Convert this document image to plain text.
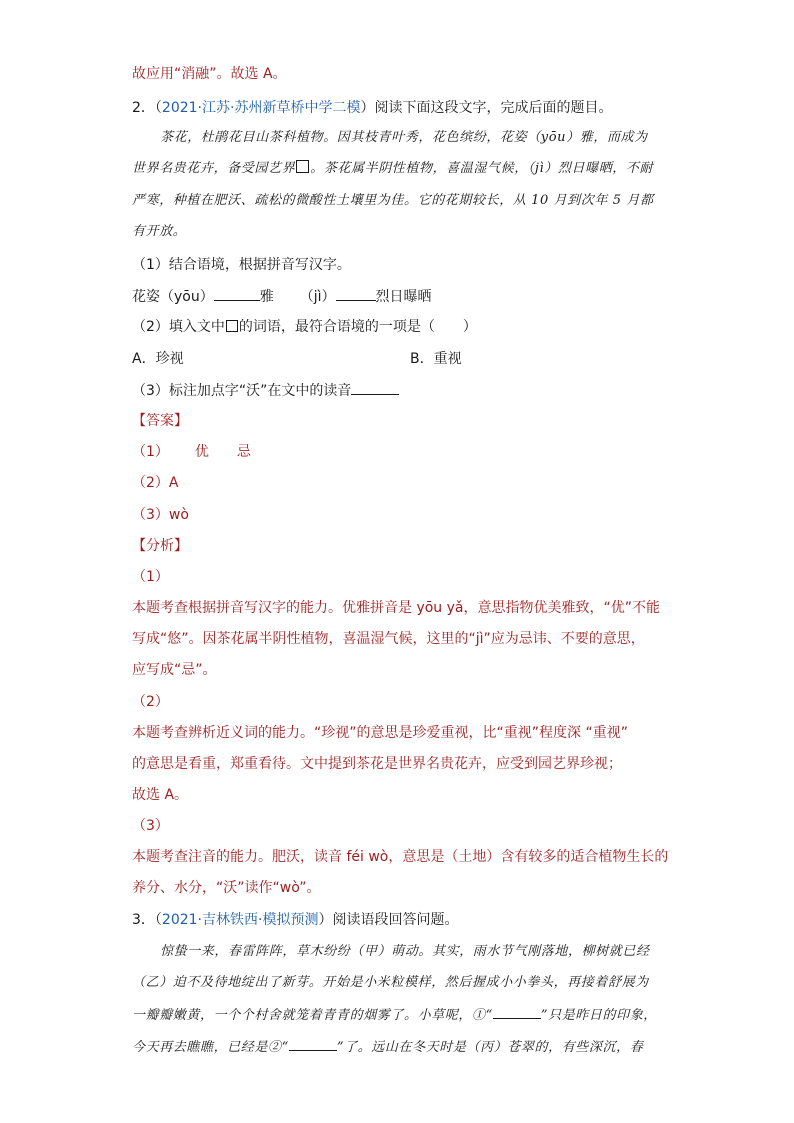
故应用“消融”。故选 A。
2．（2021·江苏·苏州新草桥中学二模）阅读下面这段文字，完成后面的题目。
茶花，杜鹃花目山茶科植物。因其枝青叶秀，花色缤纷，花姿（yōu）雅，而成为
世界名贵花卉，备受园艺界 。茶花属半阴性植物，喜温湿气候，（jì）烈日曝晒，不耐
严寒，种植在肥沃、疏松的微酸性土壤里为佳。它的花期较长，从 10 月到次年 5 月都
有开放。
（1）结合语境，根据拼音写汉字。
花姿（yōu）	雅 （jì）	烈日曝晒
（2）填入文中 的词语，最符合语境的一项是（　　）
A．珍视	B．重视
（3）标注加点字“沃”在文中的读音
【答案】
（1） 优 忌
（2）A
（3）wò
【分析】
（1）
本题考查根据拼音写汉字的能力。优雅拼音是 yōu yǎ，意思指物优美雅致，“优”不能
写成“悠”。因茶花属半阴性植物，喜温湿气候，这里的“jì”应为忌讳、不要的意思，
应写成“忌”。
（2）
本题考查辨析近义词的能力。“珍视”的意思是珍爱重视，比“重视”程度深 “重视”
的意思是看重，郑重看待。文中提到茶花是世界名贵花卉，应受到园艺界珍视；
故选 A。
（3）
本题考查注音的能力。肥沃，读音 féi wò，意思是（土地）含有较多的适合植物生长的
养分、水分，“沃”读作“wò”。
3．（2021·吉林铁西·模拟预测）阅读语段回答问题。
惊蛰一来，春雷阵阵，草木纷纷（甲）萌动。其实，雨水节气刚落地，柳树就已经
（乙）迫不及待地绽出了新芽。开始是小米粒模样，然后握成小小拳头，再接着舒展为
一瓣瓣嫩黄，一个个村舍就笼着青青的烟雾了。小草呢，①“	”只是昨日的印象，
今天再去瞧瞧，已经是②“	”了。远山在冬天时是（丙）苍翠的，有些深沉，春
